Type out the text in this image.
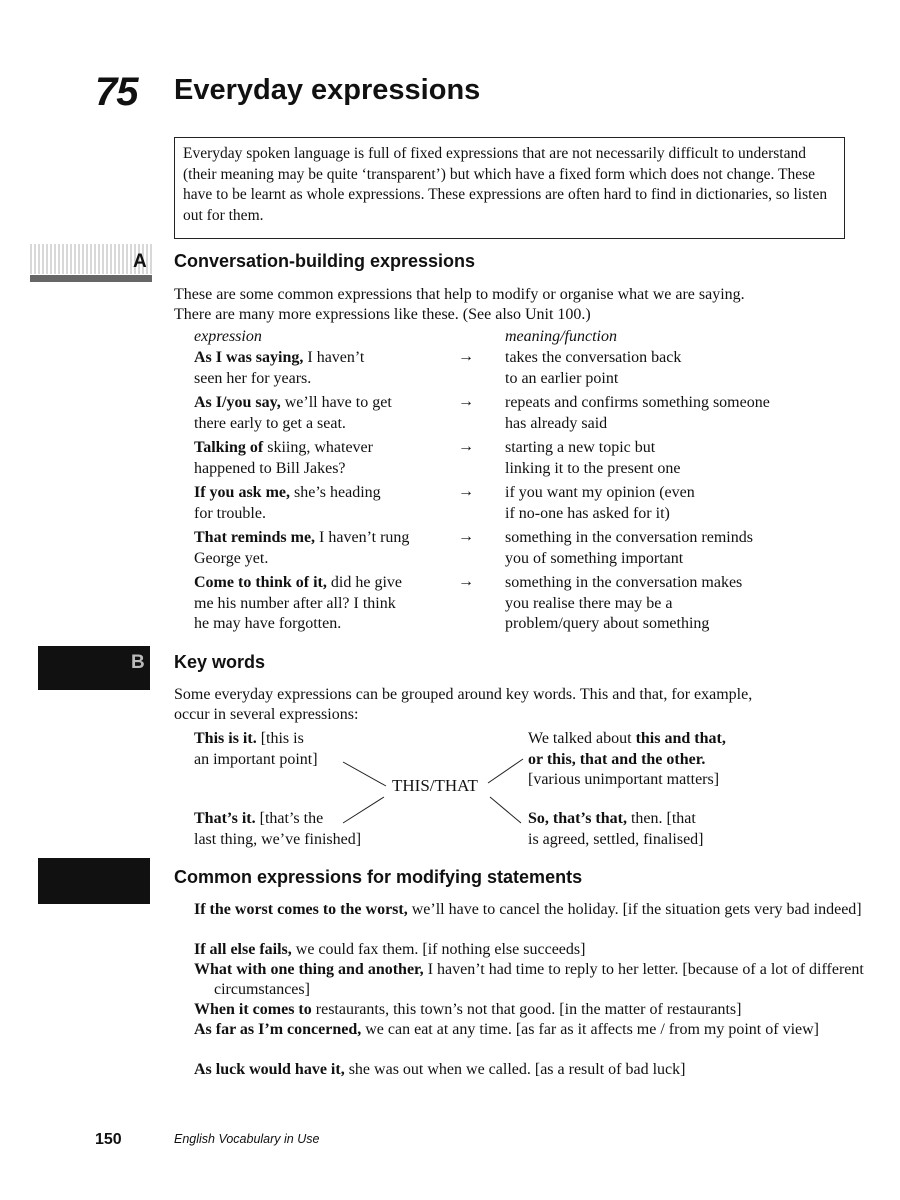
75 Everyday expressions
Everyday spoken language is full of fixed expressions that are not necessarily difficult to understand (their meaning may be quite ‘transparent’) but which have a fixed form which does not change. These have to be learnt as whole expressions. These expressions are often hard to find in dictionaries, so listen out for them.
A Conversation-building expressions
These are some common expressions that help to modify or organise what we are saying.
There are many more expressions like these. (See also Unit 100.)
expression	meaning/function
As I was saying, I haven’t
seen her for years.
→ takes the conversation back
to an earlier point
As I/you say, we’ll have to get
there early to get a seat.
→ repeats and confirms something someone
has already said
Talking of skiing, whatever
happened to Bill Jakes?
→ starting a new topic but
linking it to the present one
If you ask me, she’s heading
for trouble.
→ if you want my opinion (even
if no-one has asked for it)
That reminds me, I haven’t rung
George yet.
→ something in the conversation reminds
you of something important
Come to think of it, did he give
me his number after all? I think
he may have forgotten.
→ something in the conversation makes
you realise there may be a
problem/query about something
B Key words
Some everyday expressions can be grouped around key words. This and that, for example,
occur in several expressions:
This is it. [this is
an important point]
We talked about this and that,
or this, that and the other.
[various unimportant matters]
THIS/THAT
That’s it. [that’s the
last thing, we’ve finished]
So, that’s that, then. [that
is agreed, settled, finalised]
Common expressions for modifying statements
If the worst comes to the worst, we’ll have to cancel the holiday. [if the situation gets very bad indeed]
If all else fails, we could fax them. [if nothing else succeeds]
What with one thing and another, I haven’t had time to reply to her letter. [because of a lot of different circumstances]
When it comes to restaurants, this town’s not that good. [in the matter of restaurants]
As far as I’m concerned, we can eat at any time. [as far as it affects me / from my point of view]
As luck would have it, she was out when we called. [as a result of bad luck]
150	English Vocabulary in Use
